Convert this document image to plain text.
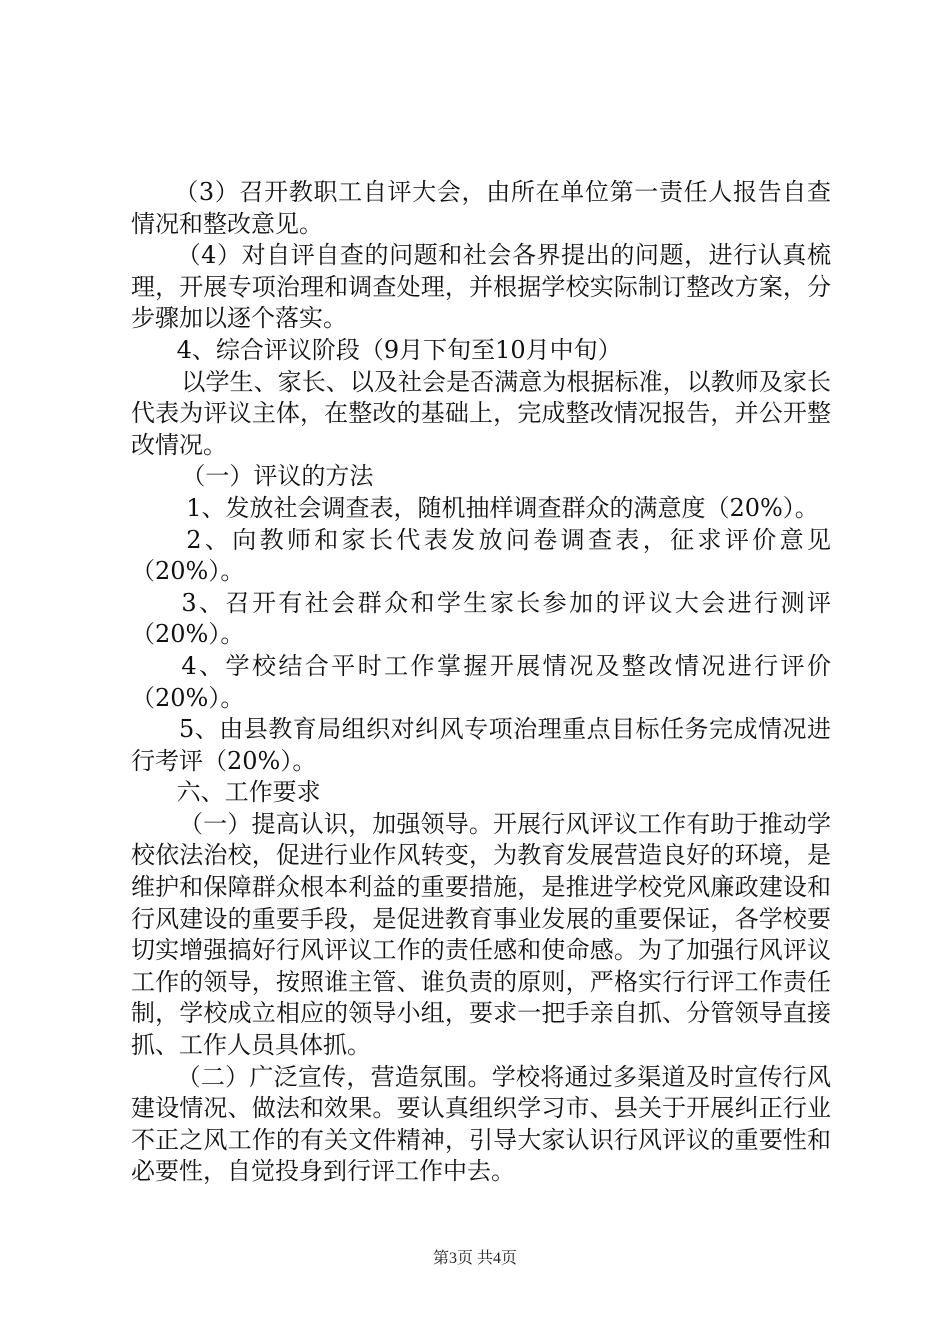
（3）召开教职工自评大会，由所在单位第一责任人报告自查情况和整改意见。

（4）对自评自查的问题和社会各界提出的问题，进行认真梳理，开展专项治理和调查处理，并根据学校实际制订整改方案，分步骤加以逐个落实。

4、综合评议阶段（9月下旬至10月中旬）

以学生、家长、以及社会是否满意为根据标准，以教师及家长代表为评议主体，在整改的基础上，完成整改情况报告，并公开整改情况。

（一）评议的方法

1、发放社会调查表，随机抽样调查群众的满意度（20%）。

2、向教师和家长代表发放问卷调查表，征求评价意见（20%）。

3、召开有社会群众和学生家长参加的评议大会进行测评（20%）。

4、学校结合平时工作掌握开展情况及整改情况进行评价（20%）。

5、由县教育局组织对纠风专项治理重点目标任务完成情况进行考评（20%）。

六、工作要求

（一）提高认识，加强领导。开展行风评议工作有助于推动学校依法治校，促进行业作风转变，为教育发展营造良好的环境，是维护和保障群众根本利益的重要措施，是推进学校党风廉政建设和行风建设的重要手段，是促进教育事业发展的重要保证，各学校要切实增强搞好行风评议工作的责任感和使命感。为了加强行风评议工作的领导，按照谁主管、谁负责的原则，严格实行行评工作责任制，学校成立相应的领导小组，要求一把手亲自抓、分管领导直接抓、工作人员具体抓。

（二）广泛宣传，营造氛围。学校将通过多渠道及时宣传行风建设情况、做法和效果。要认真组织学习市、县关于开展纠正行业不正之风工作的有关文件精神，引导大家认识行风评议的重要性和必要性，自觉投身到行评工作中去。

第3页 共4页
